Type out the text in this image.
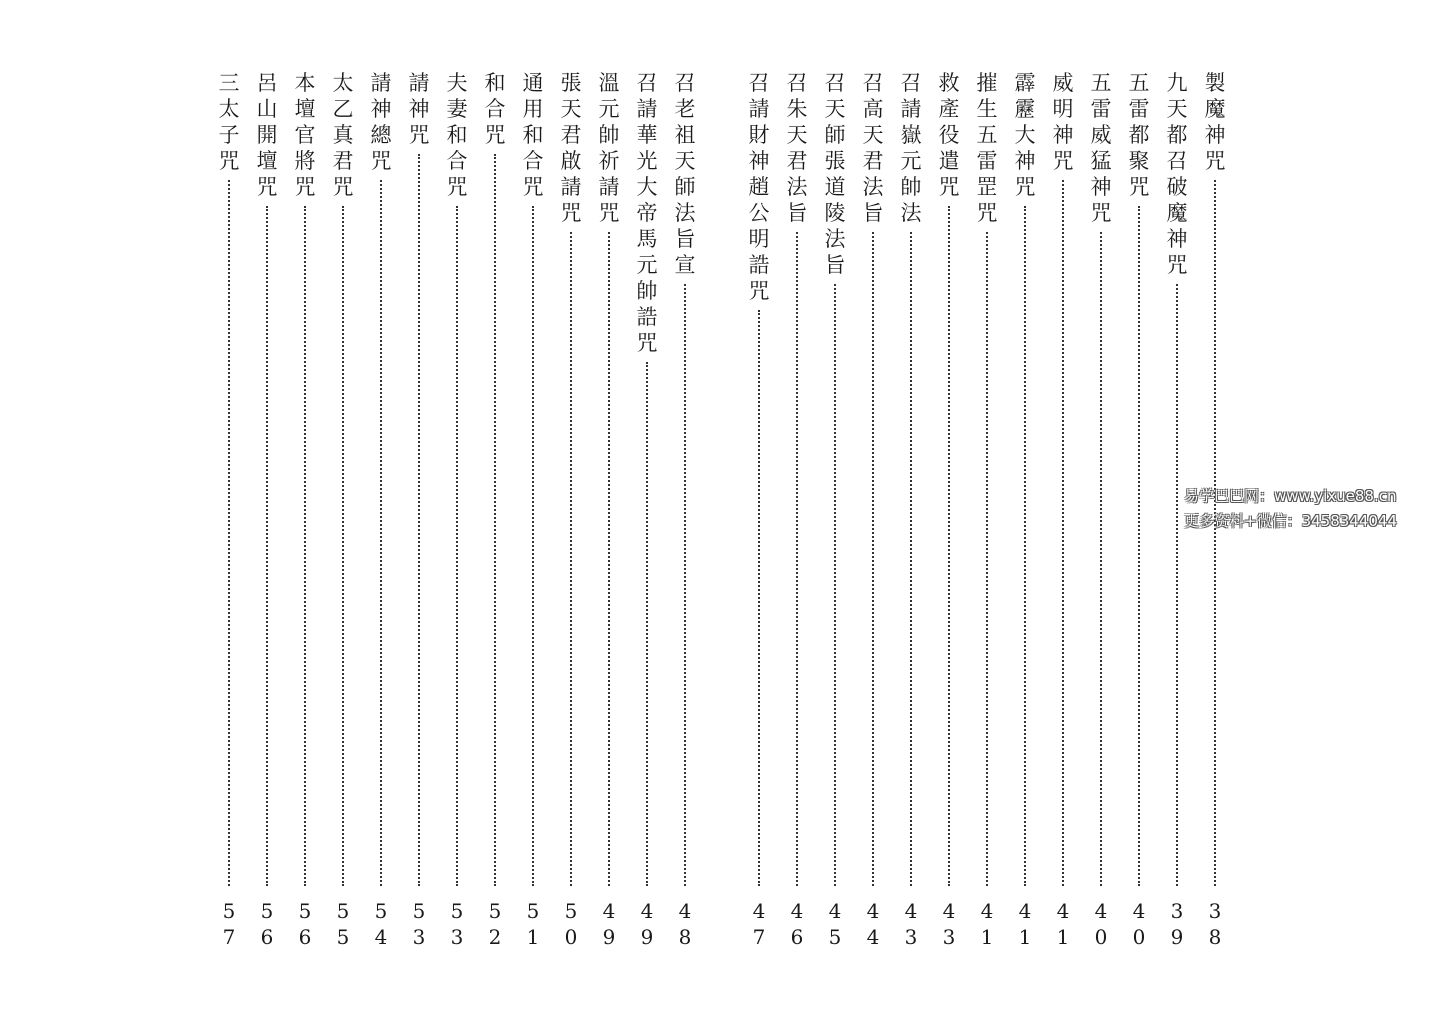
製
魔
神
咒
3
8
九
天
都
召
破
魔
神
咒
3
9
五
雷
都
聚
咒
4
0
五
雷
威
猛
神
咒
4
0
威
明
神
咒
4
1
霹
靂
大
神
咒
4
1
摧
生
五
雷
罡
咒
4
1
救
產
役
遣
咒
4
3
召
請
嶽
元
帥
法
4
3
召
高
天
君
法
旨
4
4
召
天
師
張
道
陵
法
旨
4
5
召
朱
天
君
法
旨
4
6
召
請
財
神
趙
公
明
誥
咒
4
7
召
老
祖
天
師
法
旨
宣
4
8
召
請
華
光
大
帝
馬
元
帥
誥
咒
4
9
溫
元
帥
祈
請
咒
4
9
張
天
君
啟
請
咒
5
0
通
用
和
合
咒
5
1
和
合
咒
5
2
夫
妻
和
合
咒
5
3
請
神
咒
5
3
請
神
總
咒
5
4
太
乙
真
君
咒
5
5
本
壇
官
將
咒
5
6
呂
山
開
壇
咒
5
6
三
太
子
咒
5
7
易学巴巴网：www.yixue88.cn
更多资料+微信：3458344044
